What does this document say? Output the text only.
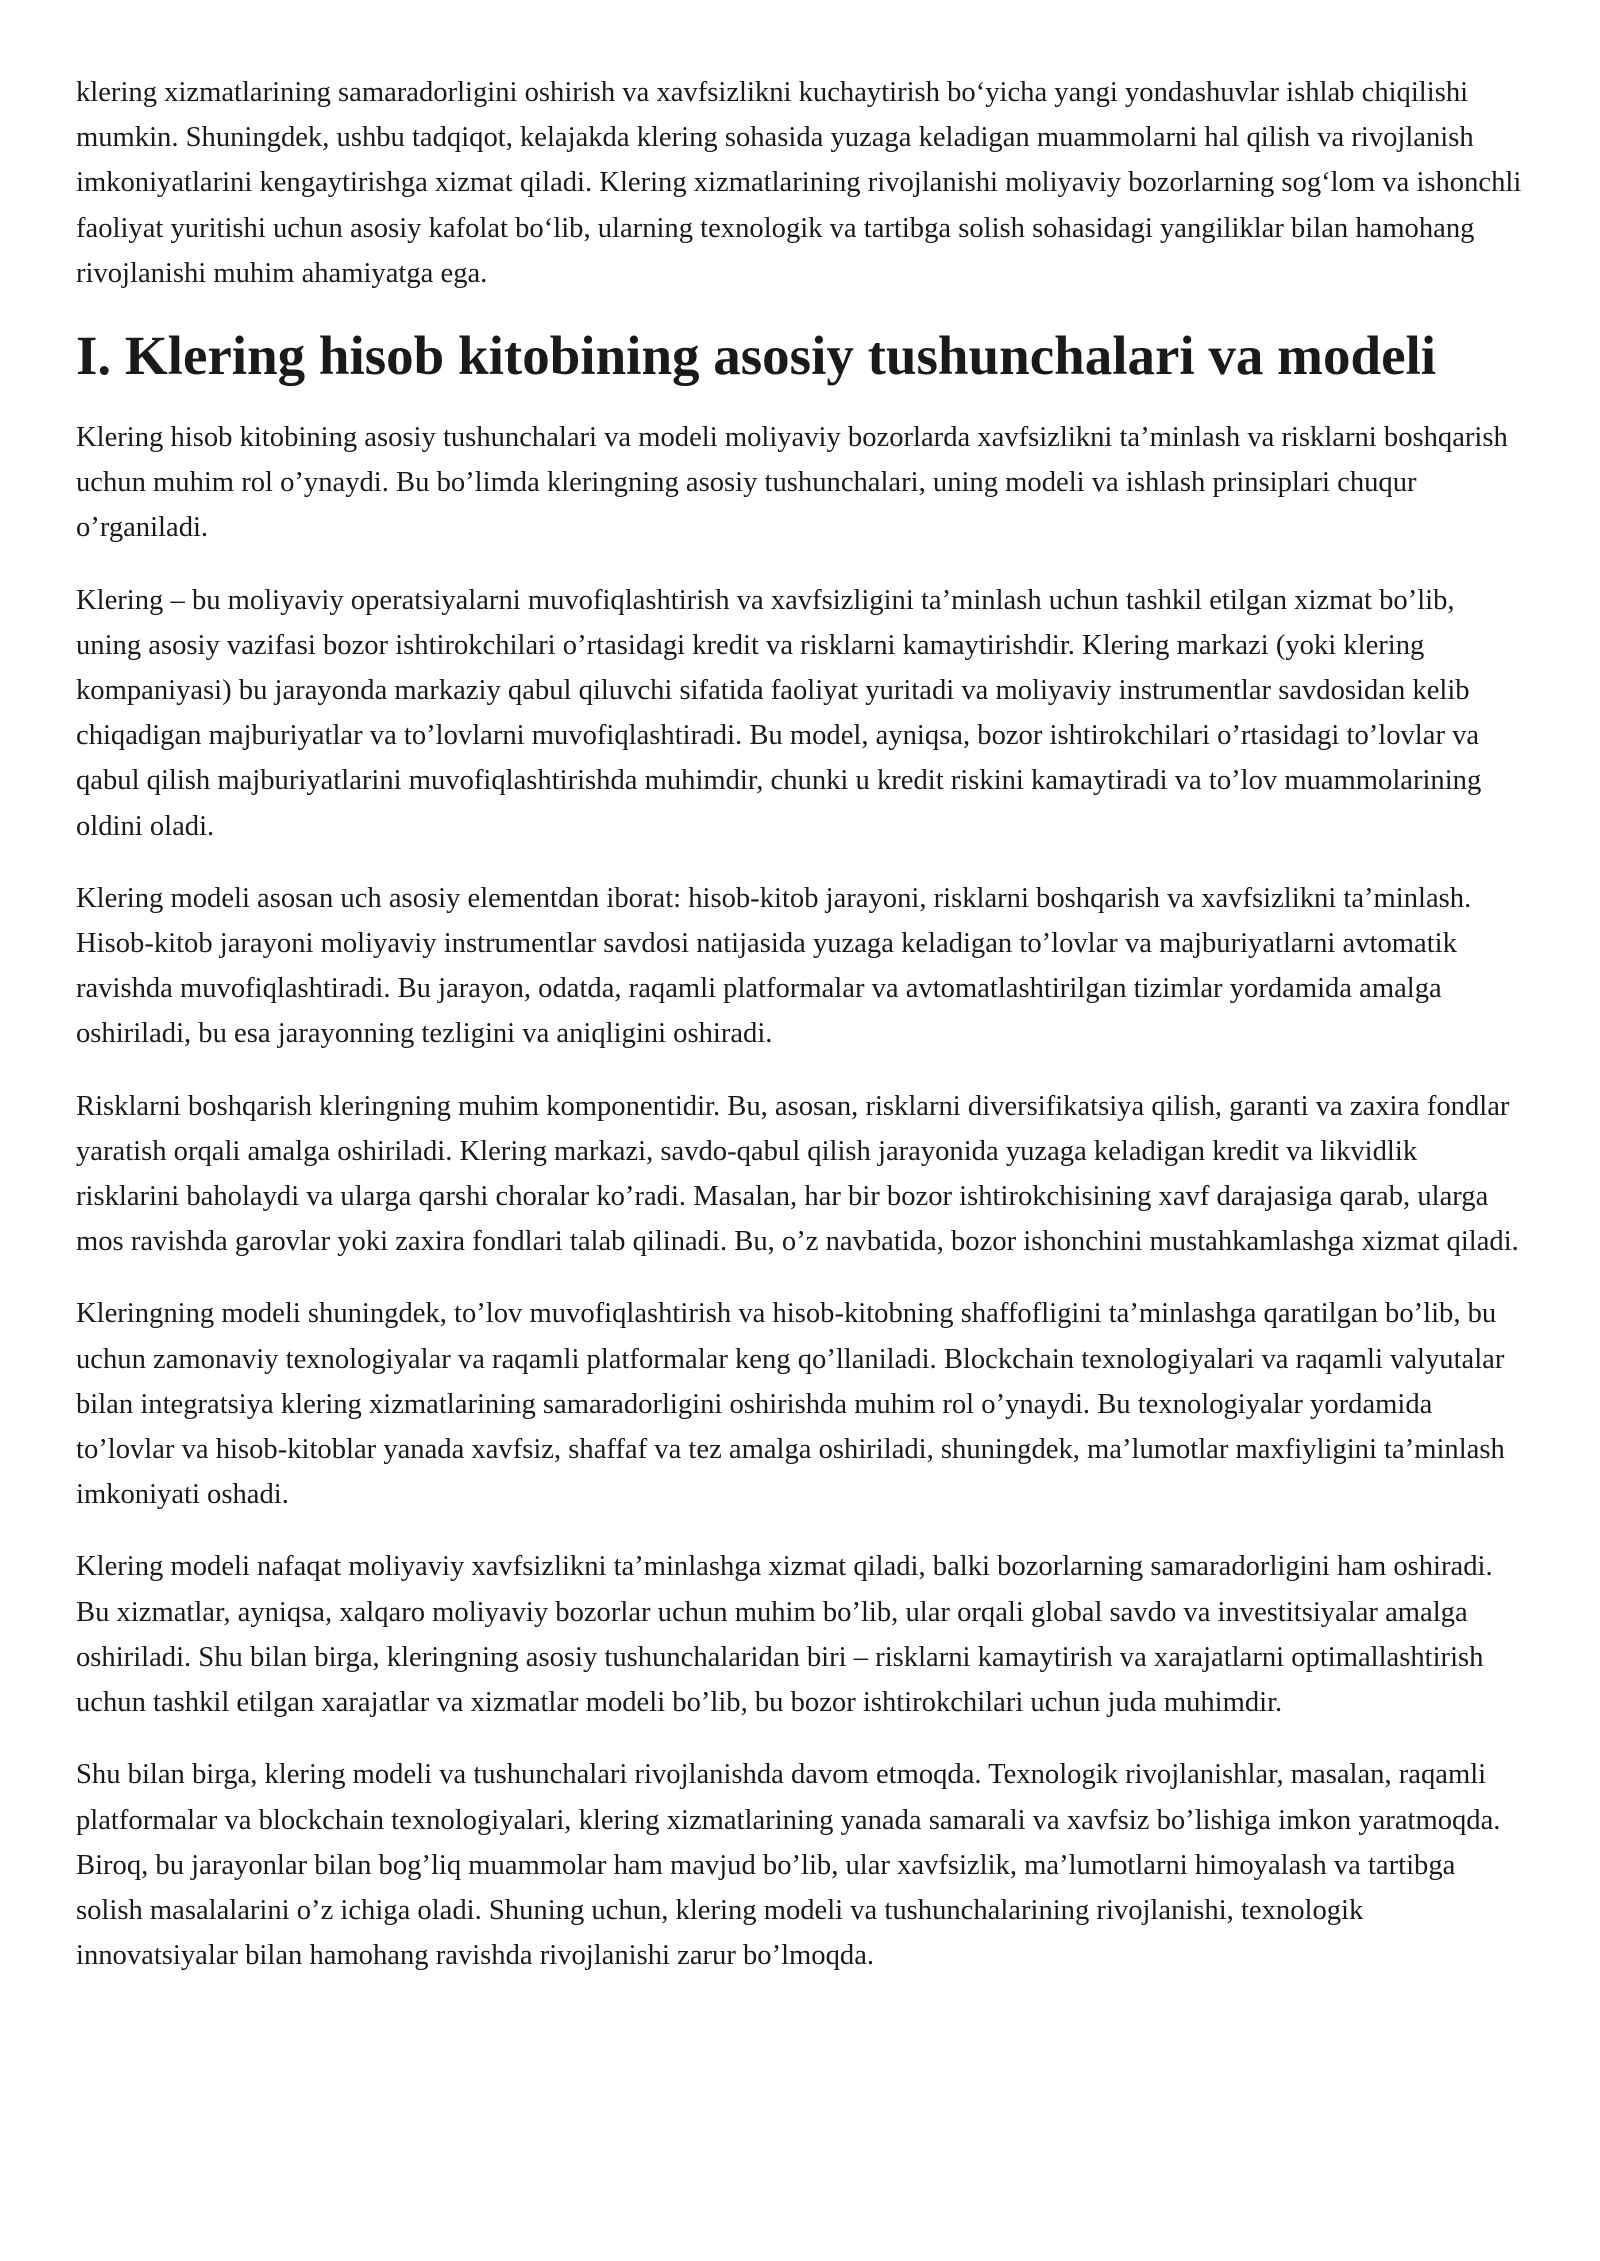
klering xizmatlarining samaradorligini oshirish va xavfsizlikni kuchaytirish bo‘yicha yangi yondashuvlar ishlab chiqilishi mumkin. Shuningdek, ushbu tadqiqot, kelajakda klering sohasida yuzaga keladigan muammolarni hal qilish va rivojlanish imkoniyatlarini kengaytirishga xizmat qiladi. Klering xizmatlarining rivojlanishi moliyaviy bozorlarning sog‘lom va ishonchli faoliyat yuritishi uchun asosiy kafolat bo‘lib, ularning texnologik va tartibga solish sohasidagi yangiliklar bilan hamohang rivojlanishi muhim ahamiyatga ega.

I. Klering hisob kitobining asosiy tushunchalari va modeli

Klering hisob kitobining asosiy tushunchalari va modeli moliyaviy bozorlarda xavfsizlikni ta’minlash va risklarni boshqarish uchun muhim rol o’ynaydi. Bu bo’limda kleringning asosiy tushunchalari, uning modeli va ishlash prinsiplari chuqur o’rganiladi.

Klering – bu moliyaviy operatsiyalarni muvofiqlashtirish va xavfsizligini ta’minlash uchun tashkil etilgan xizmat bo’lib, uning asosiy vazifasi bozor ishtirokchilari o’rtasidagi kredit va risklarni kamaytirishdir. Klering markazi (yoki klering kompaniyasi) bu jarayonda markaziy qabul qiluvchi sifatida faoliyat yuritadi va moliyaviy instrumentlar savdosidan kelib chiqadigan majburiyatlar va to’lovlarni muvofiqlashtiradi. Bu model, ayniqsa, bozor ishtirokchilari o’rtasidagi to’lovlar va qabul qilish majburiyatlarini muvofiqlashtirishda muhimdir, chunki u kredit riskini kamaytiradi va to’lov muammolarining oldini oladi.

Klering modeli asosan uch asosiy elementdan iborat: hisob-kitob jarayoni, risklarni boshqarish va xavfsizlikni ta’minlash. Hisob-kitob jarayoni moliyaviy instrumentlar savdosi natijasida yuzaga keladigan to’lovlar va majburiyatlarni avtomatik ravishda muvofiqlashtiradi. Bu jarayon, odatda, raqamli platformalar va avtomatlashtirilgan tizimlar yordamida amalga oshiriladi, bu esa jarayonning tezligini va aniqligini oshiradi.

Risklarni boshqarish kleringning muhim komponentidir. Bu, asosan, risklarni diversifikatsiya qilish, garanti va zaxira fondlar yaratish orqali amalga oshiriladi. Klering markazi, savdo-qabul qilish jarayonida yuzaga keladigan kredit va likvidlik risklarini baholaydi va ularga qarshi choralar ko’radi. Masalan, har bir bozor ishtirokchisining xavf darajasiga qarab, ularga mos ravishda garovlar yoki zaxira fondlari talab qilinadi. Bu, o’z navbatida, bozor ishonchini mustahkamlashga xizmat qiladi.

Kleringning modeli shuningdek, to’lov muvofiqlashtirish va hisob-kitobning shaffofligini ta’minlashga qaratilgan bo’lib, bu uchun zamonaviy texnologiyalar va raqamli platformalar keng qo’llaniladi. Blockchain texnologiyalari va raqamli valyutalar bilan integratsiya klering xizmatlarining samaradorligini oshirishda muhim rol o’ynaydi. Bu texnologiyalar yordamida to’lovlar va hisob-kitoblar yanada xavfsiz, shaffaf va tez amalga oshiriladi, shuningdek, ma’lumotlar maxfiyligini ta’minlash imkoniyati oshadi.

Klering modeli nafaqat moliyaviy xavfsizlikni ta’minlashga xizmat qiladi, balki bozorlarning samaradorligini ham oshiradi. Bu xizmatlar, ayniqsa, xalqaro moliyaviy bozorlar uchun muhim bo’lib, ular orqali global savdo va investitsiyalar amalga oshiriladi. Shu bilan birga, kleringning asosiy tushunchalaridan biri – risklarni kamaytirish va xarajatlarni optimallashtirish uchun tashkil etilgan xarajatlar va xizmatlar modeli bo’lib, bu bozor ishtirokchilari uchun juda muhimdir.

Shu bilan birga, klering modeli va tushunchalari rivojlanishda davom etmoqda. Texnologik rivojlanishlar, masalan, raqamli platformalar va blockchain texnologiyalari, klering xizmatlarining yanada samarali va xavfsiz bo’lishiga imkon yaratmoqda. Biroq, bu jarayonlar bilan bog’liq muammolar ham mavjud bo’lib, ular xavfsizlik, ma’lumotlarni himoyalash va tartibga solish masalalarini o’z ichiga oladi. Shuning uchun, klering modeli va tushunchalarining rivojlanishi, texnologik innovatsiyalar bilan hamohang ravishda rivojlanishi zarur bo’lmoqda.
